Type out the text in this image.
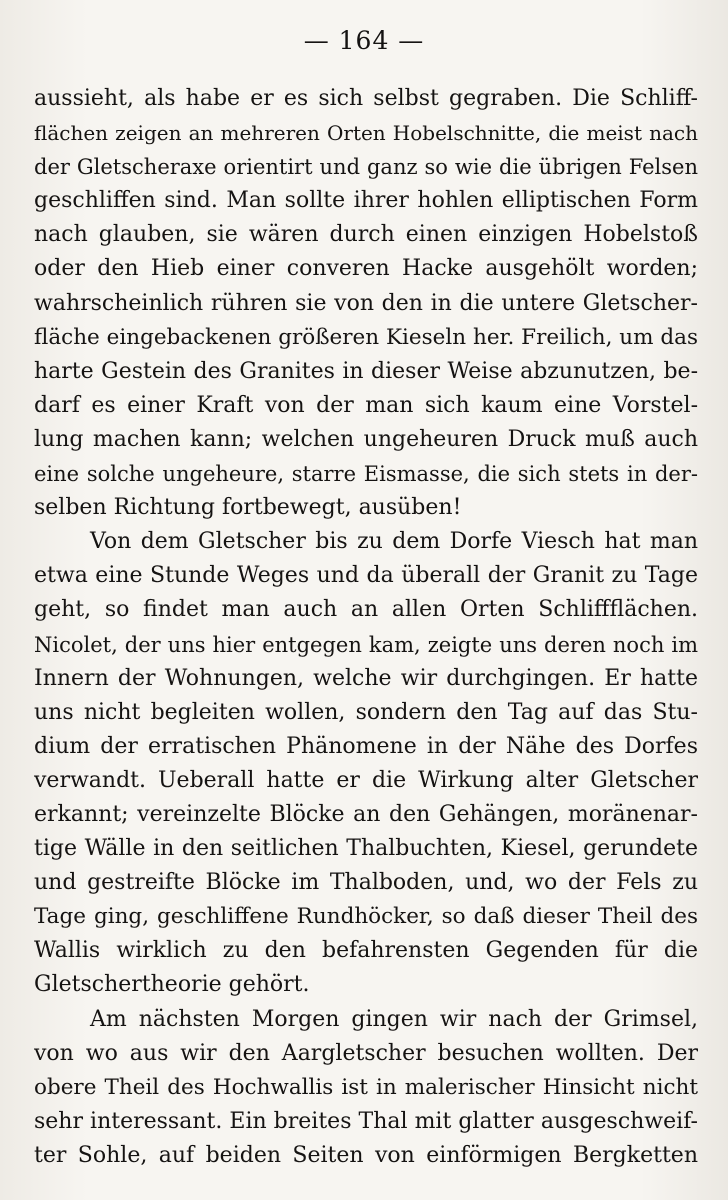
— 164 —
aussieht, als habe er es sich selbst gegraben. Die Schliff-
flächen zeigen an mehreren Orten Hobelschnitte, die meist nach
der Gletscheraxe orientirt und ganz so wie die übrigen Felsen
geschliffen sind. Man sollte ihrer hohlen elliptischen Form
nach glauben, sie wären durch einen einzigen Hobelstoß
oder den Hieb einer converen Hacke ausgehölt worden;
wahrscheinlich rühren sie von den in die untere Gletscher-
fläche eingebackenen größeren Kieseln her. Freilich, um das
harte Gestein des Granites in dieser Weise abzunutzen, be-
darf es einer Kraft von der man sich kaum eine Vorstel-
lung machen kann; welchen ungeheuren Druck muß auch
eine solche ungeheure, starre Eismasse, die sich stets in der-
selben Richtung fortbewegt, ausüben!
Von dem Gletscher bis zu dem Dorfe Viesch hat man
etwa eine Stunde Weges und da überall der Granit zu Tage
geht, so findet man auch an allen Orten Schliffflächen.
Nicolet, der uns hier entgegen kam, zeigte uns deren noch im
Innern der Wohnungen, welche wir durchgingen. Er hatte
uns nicht begleiten wollen, sondern den Tag auf das Stu-
dium der erratischen Phänomene in der Nähe des Dorfes
verwandt. Ueberall hatte er die Wirkung alter Gletscher
erkannt; vereinzelte Blöcke an den Gehängen, moränenar-
tige Wälle in den seitlichen Thalbuchten, Kiesel, gerundete
und gestreifte Blöcke im Thalboden, und, wo der Fels zu
Tage ging, geschliffene Rundhöcker, so daß dieser Theil des
Wallis wirklich zu den befahrensten Gegenden für die
Gletschertheorie gehört.
Am nächsten Morgen gingen wir nach der Grimsel,
von wo aus wir den Aargletscher besuchen wollten. Der
obere Theil des Hochwallis ist in malerischer Hinsicht nicht
sehr interessant. Ein breites Thal mit glatter ausgeschweif-
ter Sohle, auf beiden Seiten von einförmigen Bergketten
